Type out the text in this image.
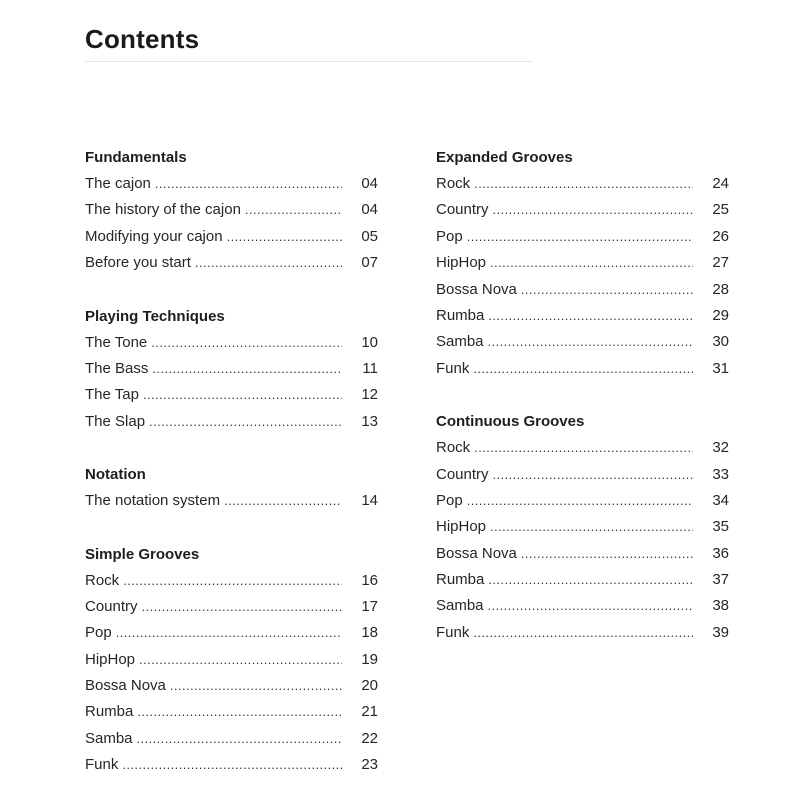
Contents
Fundamentals
The cajon . . .	04
The history of the cajon . . .	04
Modifying your cajon . . .	05
Before you start . . .	07
Playing Techniques
The Tone . . .	10
The Bass . . .	11
The Tap . . .	12
The Slap . . .	13
Notation
The notation system . . .	14
Simple Grooves
Rock . . .	16
Country . . .	17
Pop . . .	18
HipHop . . .	19
Bossa Nova . . .	20
Rumba . . .	21
Samba . . .	22
Funk . . .	23
Expanded Grooves
Rock . . .	24
Country . . .	25
Pop . . .	26
HipHop . . .	27
Bossa Nova . . .	28
Rumba . . .	29
Samba . . .	30
Funk . . .	31
Continuous Grooves
Rock . . .	32
Country . . .	33
Pop . . .	34
HipHop . . .	35
Bossa Nova . . .	36
Rumba . . .	37
Samba . . .	38
Funk . . .	39
